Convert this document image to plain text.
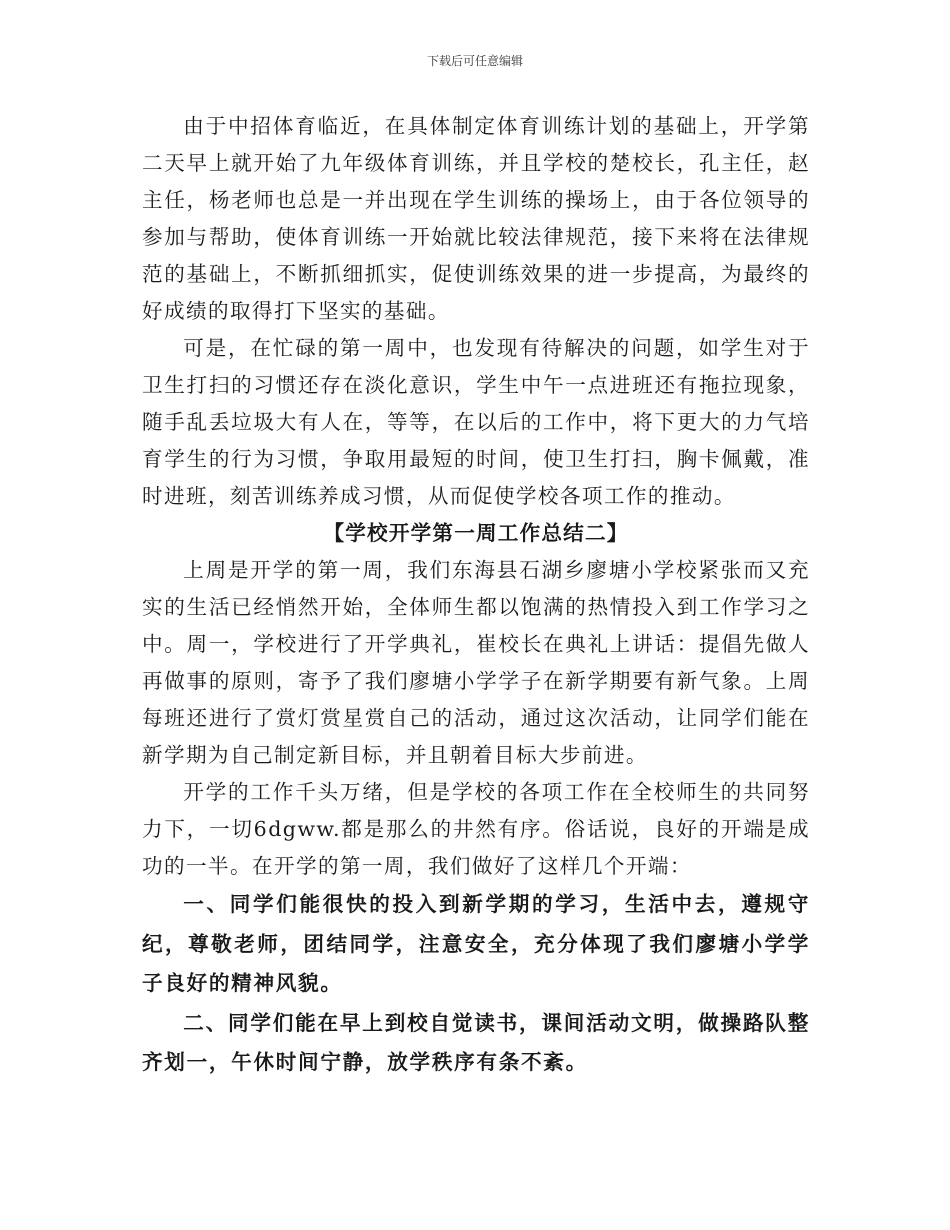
下载后可任意编辑

由于中招体育临近，在具体制定体育训练计划的基础上，开学第二天早上就开始了九年级体育训练，并且学校的楚校长，孔主任，赵主任，杨老师也总是一并出现在学生训练的操场上，由于各位领导的参加与帮助，使体育训练一开始就比较法律规范，接下来将在法律规范的基础上，不断抓细抓实，促使训练效果的进一步提高，为最终的好成绩的取得打下坚实的基础。

可是，在忙碌的第一周中，也发现有待解决的问题，如学生对于卫生打扫的习惯还存在淡化意识，学生中午一点进班还有拖拉现象，随手乱丢垃圾大有人在，等等，在以后的工作中，将下更大的力气培育学生的行为习惯，争取用最短的时间，使卫生打扫，胸卡佩戴，准时进班，刻苦训练养成习惯，从而促使学校各项工作的推动。

【学校开学第一周工作总结二】

上周是开学的第一周，我们东海县石湖乡廖塘小学校紧张而又充实的生活已经悄然开始，全体师生都以饱满的热情投入到工作学习之中。周一，学校进行了开学典礼，崔校长在典礼上讲话：提倡先做人再做事的原则，寄予了我们廖塘小学学子在新学期要有新气象。上周每班还进行了赏灯赏星赏自己的活动，通过这次活动，让同学们能在新学期为自己制定新目标，并且朝着目标大步前进。

开学的工作千头万绪，但是学校的各项工作在全校师生的共同努力下，一切6dgww.都是那么的井然有序。俗话说，良好的开端是成功的一半。在开学的第一周，我们做好了这样几个开端：

一、同学们能很快的投入到新学期的学习，生活中去，遵规守纪，尊敬老师，团结同学，注意安全，充分体现了我们廖塘小学学子良好的精神风貌。

二、同学们能在早上到校自觉读书，课间活动文明，做操路队整齐划一，午休时间宁静，放学秩序有条不紊。
